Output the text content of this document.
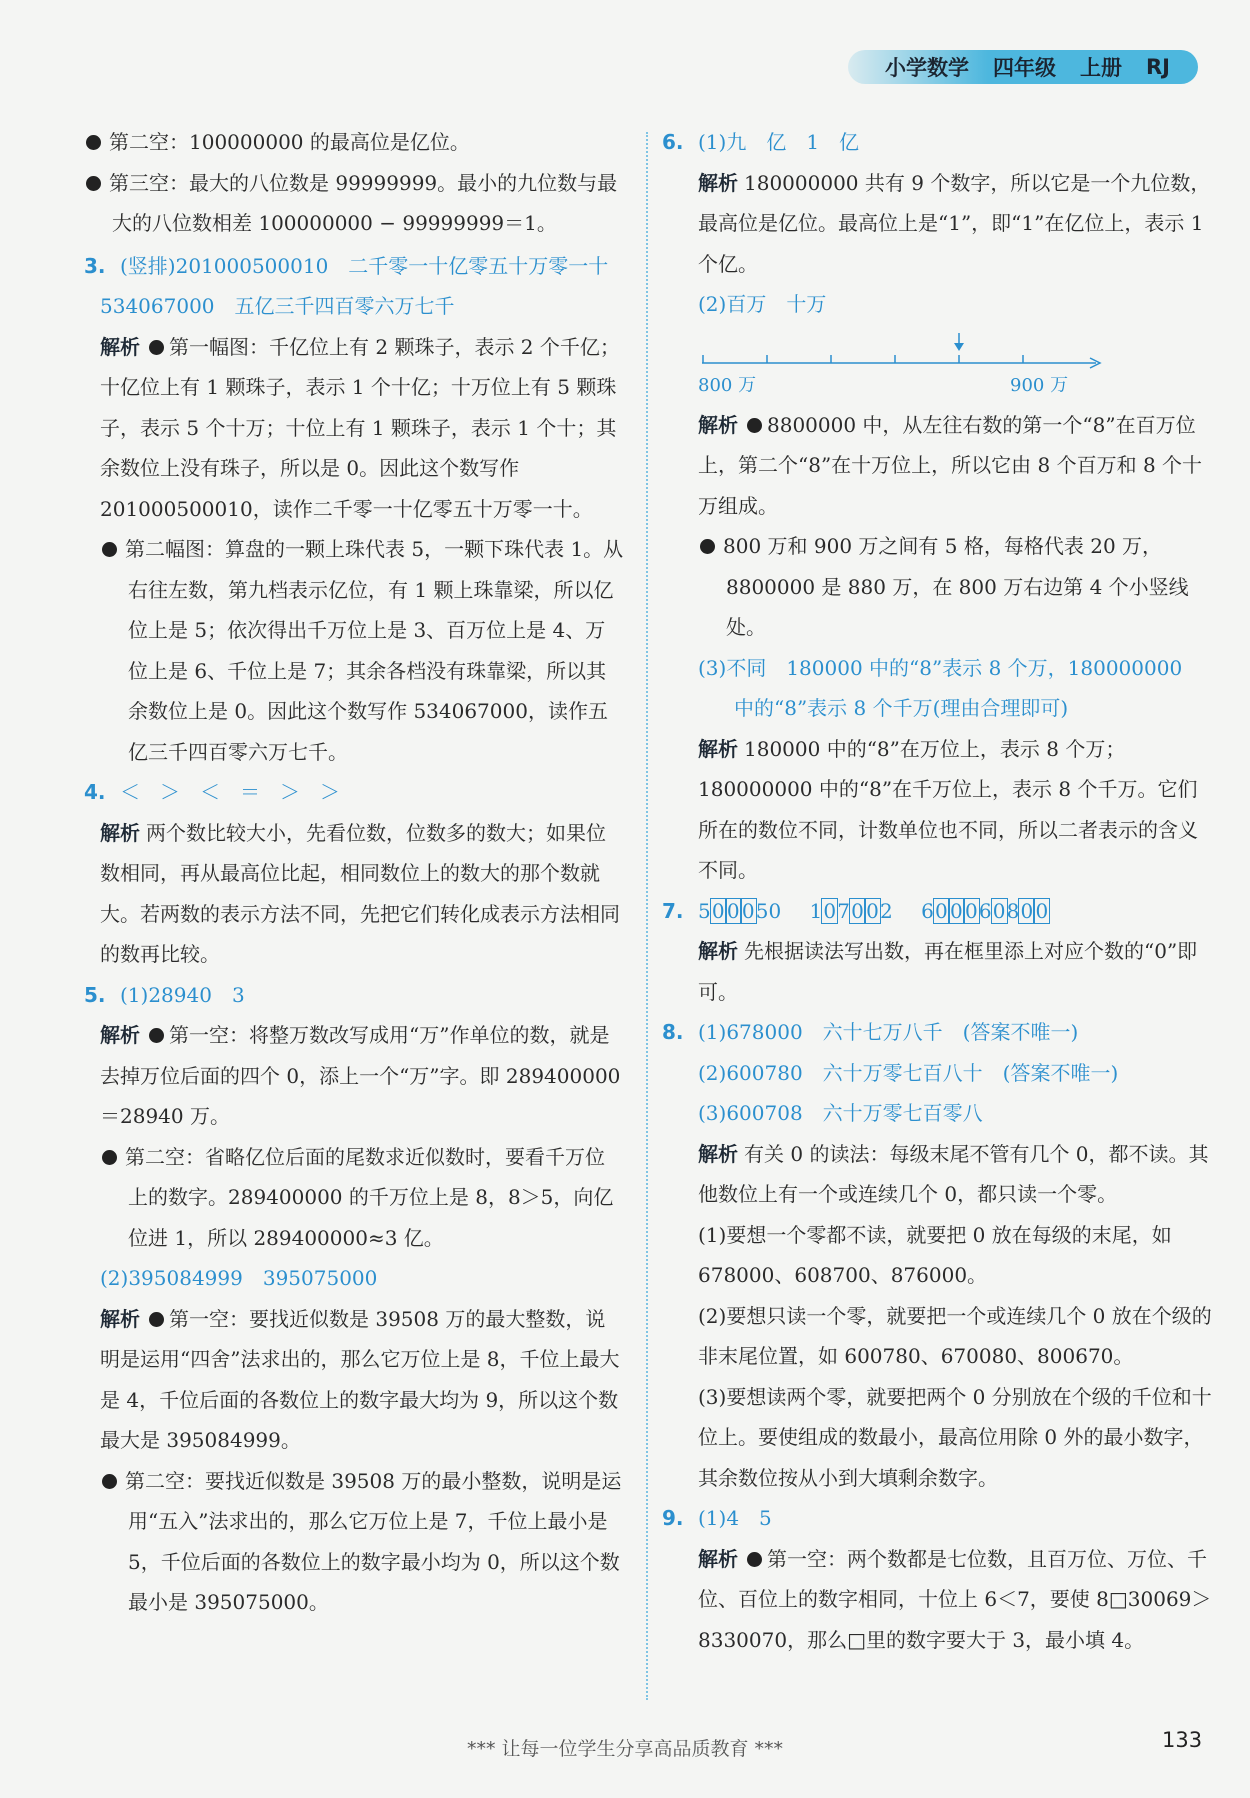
小学数学 四年级 上册 RJ

第二空：100000000 的最高位是亿位。

第三空：最大的八位数是 99999999。最小的九位数与最大的八位数相差 100000000 − 99999999＝1。

3. (竖排)201000500010　二千零一十亿零五十万零一十

534067000　五亿三千四百零六万七千

解析 第一幅图：千亿位上有 2 颗珠子，表示 2 个千亿；十亿位上有 1 颗珠子，表示 1 个十亿；十万位上有 5 颗珠子，表示 5 个十万；十位上有 1 颗珠子，表示 1 个十；其余数位上没有珠子，所以是 0。因此这个数写作 201000500010，读作二千零一十亿零五十万零一十。

第二幅图：算盘的一颗上珠代表 5，一颗下珠代表 1。从右往左数，第九档表示亿位，有 1 颗上珠靠梁，所以亿位上是 5；依次得出千万位上是 3、百万位上是 4、万位上是 6、千位上是 7；其余各档没有珠靠梁，所以其余数位上是 0。因此这个数写作 534067000，读作五亿三千四百零六万七千。

4. ＜　＞　＜　＝　＞　＞

解析 两个数比较大小，先看位数，位数多的数大；如果位数相同，再从最高位比起，相同数位上的数大的那个数就大。若两数的表示方法不同，先把它们转化成表示方法相同的数再比较。

5. (1)28940　3

解析 第一空：将整万数改写成用“万”作单位的数，就是去掉万位后面的四个 0，添上一个“万”字。即 289400000＝28940 万。

第二空：省略亿位后面的尾数求近似数时，要看千万位上的数字。289400000 的千万位上是 8，8＞5，向亿位进 1，所以 289400000≈3 亿。

(2)395084999　395075000

解析 第一空：要找近似数是 39508 万的最大整数，说明是运用“四舍”法求出的，那么它万位上是 8，千位上最大是 4，千位后面的各数位上的数字最大均为 9，所以这个数最大是 395084999。

第二空：要找近似数是 39508 万的最小整数，说明是运用“五入”法求出的，那么它万位上是 7，千位上最小是 5，千位后面的各数位上的数字最小均为 0，所以这个数最小是 395075000。

6. (1)九　亿　1　亿

解析 180000000 共有 9 个数字，所以它是一个九位数，最高位是亿位。最高位上是“1”，即“1”在亿位上，表示 1 个亿。

(2)百万　十万

800 万	900 万

解析 8800000 中，从左往右数的第一个“8”在百万位上，第二个“8”在十万位上，所以它由 8 个百万和 8 个十万组成。

800 万和 900 万之间有 5 格，每格代表 20 万，8800000 是 880 万，在 800 万右边第 4 个小竖线处。

(3)不同　180000 中的“8”表示 8 个万，180000000

中的“8”表示 8 个千万(理由合理即可)

解析 180000 中的“8”在万位上，表示 8 个万；180000000 中的“8”在千万位上，表示 8 个千万。它们所在的数位不同，计数单位也不同，所以二者表示的含义不同。

7. 50 0 050 1070 02 60 0 06080 0

解析 先根据读法写出数，再在框里添上对应个数的“0”即可。

8. (1)678000　六十七万八千　(答案不唯一)

(2)600780　六十万零七百八十　(答案不唯一)

(3)600708　六十万零七百零八

解析 有关 0 的读法：每级末尾不管有几个 0，都不读。其他数位上有一个或连续几个 0，都只读一个零。

(1)要想一个零都不读，就要把 0 放在每级的末尾，如 678000、608700、876000。

(2)要想只读一个零，就要把一个或连续几个 0 放在个级的非末尾位置，如 600780、670080、800670。

(3)要想读两个零，就要把两个 0 分别放在个级的千位和十位上。要使组成的数最小，最高位用除 0 外的最小数字，其余数位按从小到大填剩余数字。

9. (1)4　5

解析 第一空：两个数都是七位数，且百万位、万位、千位、百位上的数字相同，十位上 6＜7，要使 8□30069＞8330070，那么□里的数字要大于 3，最小填 4。

*** 让每一位学生分享高品质教育 ***	133
